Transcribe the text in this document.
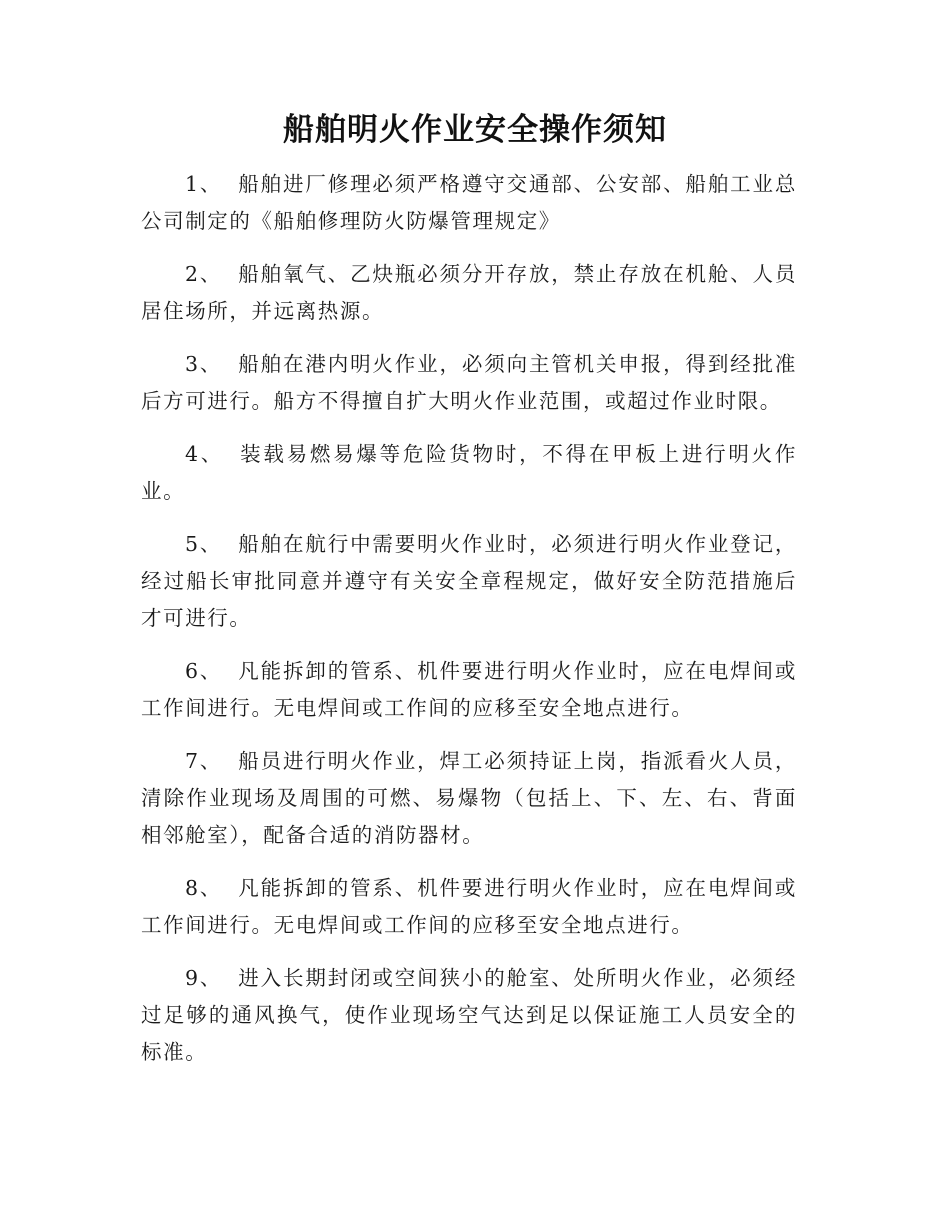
船舶明火作业安全操作须知

1、 船舶进厂修理必须严格遵守交通部、公安部、船舶工业总公司制定的《船舶修理防火防爆管理规定》

2、 船舶氧气、乙炔瓶必须分开存放，禁止存放在机舱、人员居住场所，并远离热源。

3、 船舶在港内明火作业，必须向主管机关申报，得到经批准后方可进行。船方不得擅自扩大明火作业范围，或超过作业时限。

4、 装载易燃易爆等危险货物时，不得在甲板上进行明火作业。

5、 船舶在航行中需要明火作业时，必须进行明火作业登记，经过船长审批同意并遵守有关安全章程规定，做好安全防范措施后才可进行。

6、 凡能拆卸的管系、机件要进行明火作业时，应在电焊间或工作间进行。无电焊间或工作间的应移至安全地点进行。

7、 船员进行明火作业，焊工必须持证上岗，指派看火人员，清除作业现场及周围的可燃、易爆物（包括上、下、左、右、背面相邻舱室），配备合适的消防器材。

8、 凡能拆卸的管系、机件要进行明火作业时，应在电焊间或工作间进行。无电焊间或工作间的应移至安全地点进行。

9、 进入长期封闭或空间狭小的舱室、处所明火作业，必须经过足够的通风换气，使作业现场空气达到足以保证施工人员安全的标准。
